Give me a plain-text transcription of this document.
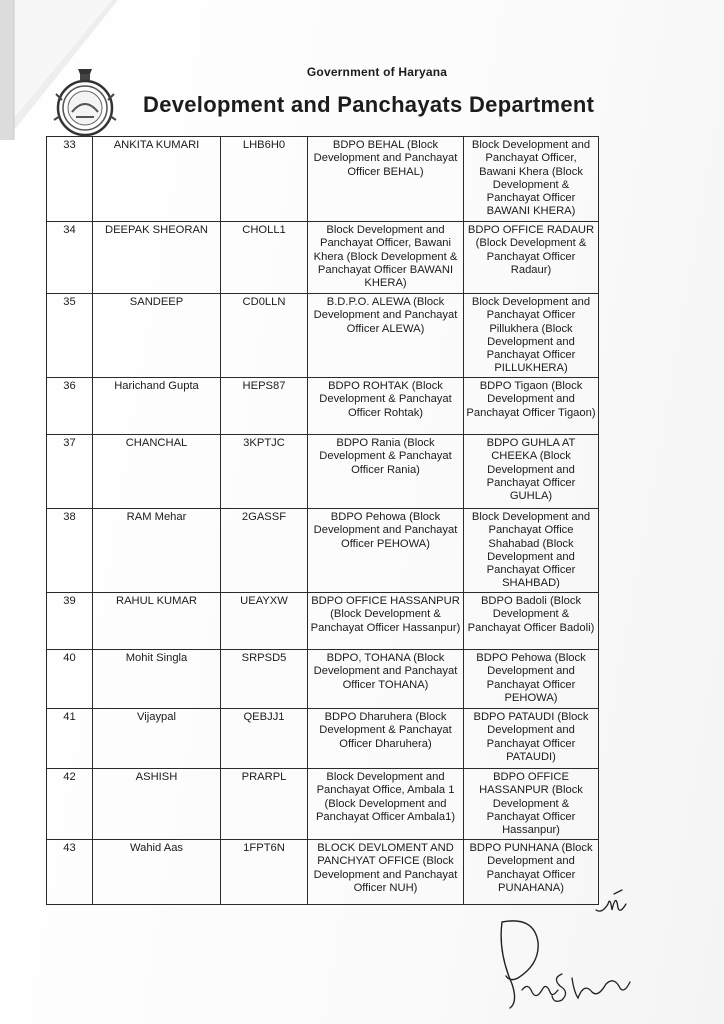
Government of Haryana
Development and Panchayats Department
33	ANKITA KUMARI	LHB6H0	BDPO BEHAL (Block Development and Panchayat Officer BEHAL)	Block Development and Panchayat Officer, Bawani Khera (Block Development & Panchayat Officer BAWANI KHERA)
34	DEEPAK SHEORAN	CHOLL1	Block Development and Panchayat Officer, Bawani Khera (Block Development & Panchayat Officer BAWANI KHERA)	BDPO OFFICE RADAUR (Block Development & Panchayat Officer Radaur)
35	SANDEEP	CD0LLN	B.D.P.O. ALEWA (Block Development and Panchayat Officer ALEWA)	Block Development and Panchayat Officer Pillukhera (Block Development and Panchayat Officer PILLUKHERA)
36	Harichand Gupta	HEPS87	BDPO ROHTAK (Block Development & Panchayat Officer Rohtak)	BDPO Tigaon (Block Development and Panchayat Officer Tigaon)
37	CHANCHAL	3KPTJC	BDPO Rania (Block Development & Panchayat Officer Rania)	BDPO GUHLA AT CHEEKA (Block Development and Panchayat Officer GUHLA)
38	RAM Mehar	2GASSF	BDPO Pehowa (Block Development and Panchayat Officer PEHOWA)	Block Development and Panchayat Office Shahabad (Block Development and Panchayat Officer SHAHBAD)
39	RAHUL KUMAR	UEAYXW	BDPO OFFICE HASSANPUR (Block Development & Panchayat Officer Hassanpur)	BDPO Badoli (Block Development & Panchayat Officer Badoli)
40	Mohit Singla	SRPSD5	BDPO, TOHANA (Block Development and Panchayat Officer TOHANA)	BDPO Pehowa (Block Development and Panchayat Officer PEHOWA)
41	Vijaypal	QEBJJ1	BDPO Dharuhera (Block Development & Panchayat Officer Dharuhera)	BDPO PATAUDI (Block Development and Panchayat Officer PATAUDI)
42	ASHISH	PRARPL	Block Development and Panchayat Office, Ambala 1 (Block Development and Panchayat Officer Ambala1)	BDPO OFFICE HASSANPUR (Block Development & Panchayat Officer Hassanpur)
43	Wahid Aas	1FPT6N	BLOCK DEVLOMENT AND PANCHYAT OFFICE (Block Development and Panchayat Officer NUH)	BDPO PUNHANA (Block Development and Panchayat Officer PUNAHANA)
